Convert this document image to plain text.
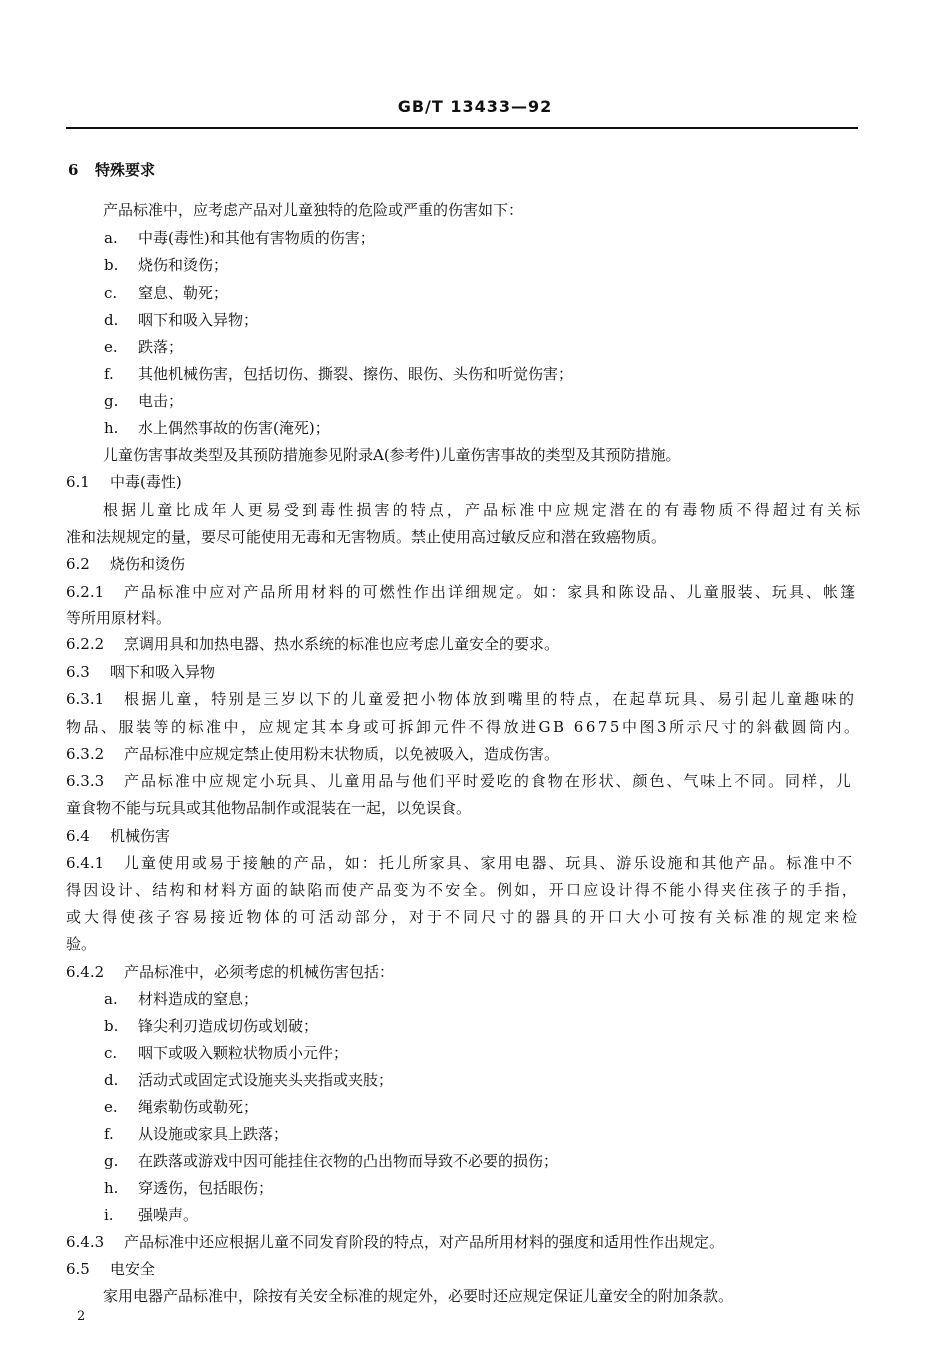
GB/T 13433—92
6 特殊要求
产品标准中，应考虑产品对儿童独特的危险或严重的伤害如下：
a. 中毒(毒性)和其他有害物质的伤害；
b. 烧伤和烫伤；
c. 窒息、勒死；
d. 咽下和吸入异物；
e. 跌落；
f. 其他机械伤害，包括切伤、撕裂、擦伤、眼伤、头伤和听觉伤害；
g. 电击；
h. 水上偶然事故的伤害(淹死)；
儿童伤害事故类型及其预防措施参见附录A(参考件)儿童伤害事故的类型及其预防措施。
6.1 中毒(毒性)
根据儿童比成年人更易受到毒性损害的特点，产品标准中应规定潜在的有毒物质不得超过有关标
准和法规规定的量，要尽可能使用无毒和无害物质。禁止使用高过敏反应和潜在致癌物质。
6.2 烧伤和烫伤
6.2.1 产品标准中应对产品所用材料的可燃性作出详细规定。如：家具和陈设品、儿童服装、玩具、帐篷
等所用原材料。
6.2.2 烹调用具和加热电器、热水系统的标准也应考虑儿童安全的要求。
6.3 咽下和吸入异物
6.3.1 根据儿童，特别是三岁以下的儿童爱把小物体放到嘴里的特点，在起草玩具、易引起儿童趣味的
物品、服装等的标准中，应规定其本身或可拆卸元件不得放进GB 6675中图3所示尺寸的斜截圆筒内。
6.3.2 产品标准中应规定禁止使用粉末状物质，以免被吸入，造成伤害。
6.3.3 产品标准中应规定小玩具、儿童用品与他们平时爱吃的食物在形状、颜色、气味上不同。同样，儿
童食物不能与玩具或其他物品制作或混装在一起，以免误食。
6.4 机械伤害
6.4.1 儿童使用或易于接触的产品，如：托儿所家具、家用电器、玩具、游乐设施和其他产品。标准中不
得因设计、结构和材料方面的缺陷而使产品变为不安全。例如，开口应设计得不能小得夹住孩子的手指，
或大得使孩子容易接近物体的可活动部分，对于不同尺寸的器具的开口大小可按有关标准的规定来检
验。
6.4.2 产品标准中，必须考虑的机械伤害包括：
a. 材料造成的窒息；
b. 锋尖利刃造成切伤或划破；
c. 咽下或吸入颗粒状物质小元件；
d. 活动式或固定式设施夹头夹指或夹肢；
e. 绳索勒伤或勒死；
f. 从设施或家具上跌落；
g. 在跌落或游戏中因可能挂住衣物的凸出物而导致不必要的损伤；
h. 穿透伤，包括眼伤；
i. 强噪声。
6.4.3 产品标准中还应根据儿童不同发育阶段的特点，对产品所用材料的强度和适用性作出规定。
6.5 电安全
家用电器产品标准中，除按有关安全标准的规定外，必要时还应规定保证儿童安全的附加条款。
2
